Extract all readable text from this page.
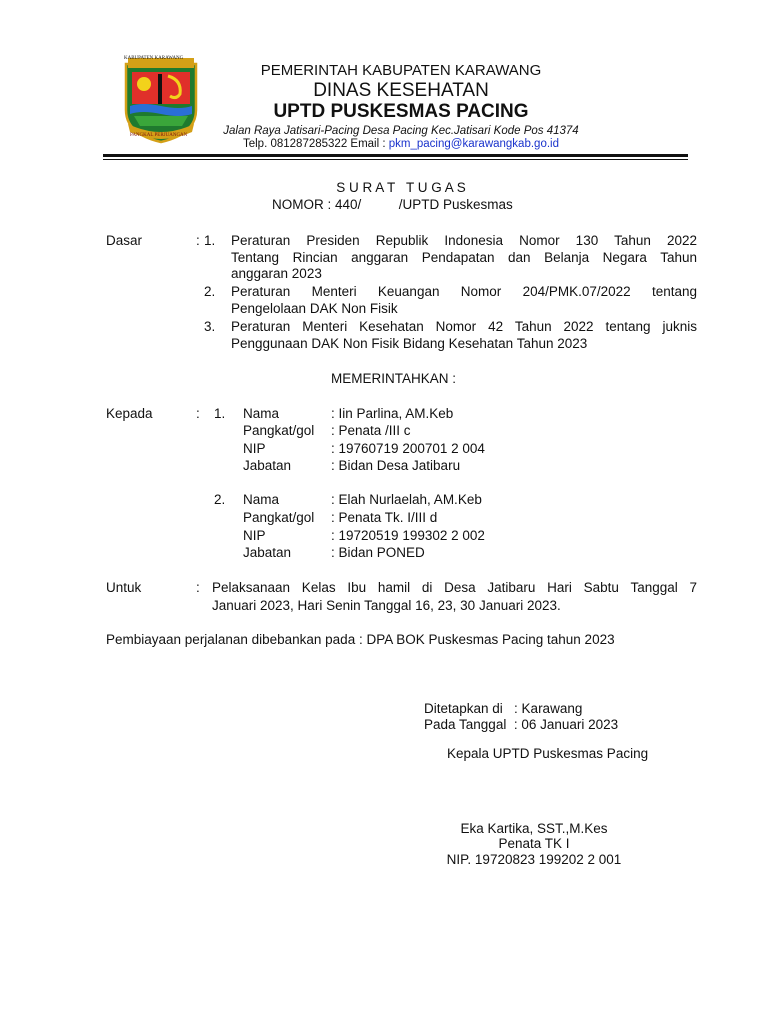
KABUPATEN KARAWANG
PANGKAL PERJUANGAN
PEMERINTAH KABUPATEN KARAWANG
DINAS KESEHATAN
UPTD PUSKESMAS PACING
Jalan Raya Jatisari-Pacing Desa Pacing Kec.Jatisari Kode Pos 41374
Telp. 081287285322 Email : pkm_pacing@karawangkab.go.id
S U R A T   T U G A S
NOMOR : 440/          /UPTD Puskesmas
Dasar	: 1. Peraturan Presiden Republik Indonesia Nomor 130 Tahun 2022
Tentang Rincian anggaran Pendapatan dan Belanja Negara Tahun
anggaran 2023
2. Peraturan Menteri Keuangan Nomor 204/PMK.07/2022 tentang
Pengelolaan DAK Non Fisik
3. Peraturan Menteri Kesehatan Nomor 42 Tahun 2022 tentang juknis
Penggunaan DAK Non Fisik Bidang Kesehatan Tahun 2023
MEMERINTAHKAN :
Kepada	: 1. Nama	: Iin Parlina, AM.Keb
Pangkat/gol : Penata /III c
NIP	: 19760719 200701 2 004
Jabatan	: Bidan Desa Jatibaru
2. Nama	: Elah Nurlaelah, AM.Keb
Pangkat/gol : Penata Tk. I/III d
NIP	: 19720519 199302 2 002
Jabatan	: Bidan PONED
Untuk	: Pelaksanaan Kelas Ibu hamil di Desa Jatibaru Hari Sabtu Tanggal 7
Januari 2023, Hari Senin Tanggal 16, 23, 30 Januari 2023.
Pembiayaan perjalanan dibebankan pada : DPA BOK Puskesmas Pacing tahun 2023
Ditetapkan di   : Karawang
Pada Tanggal  : 06 Januari 2023
Kepala UPTD Puskesmas Pacing
Eka Kartika, SST.,M.Kes
Penata TK I
NIP. 19720823 199202 2 001
